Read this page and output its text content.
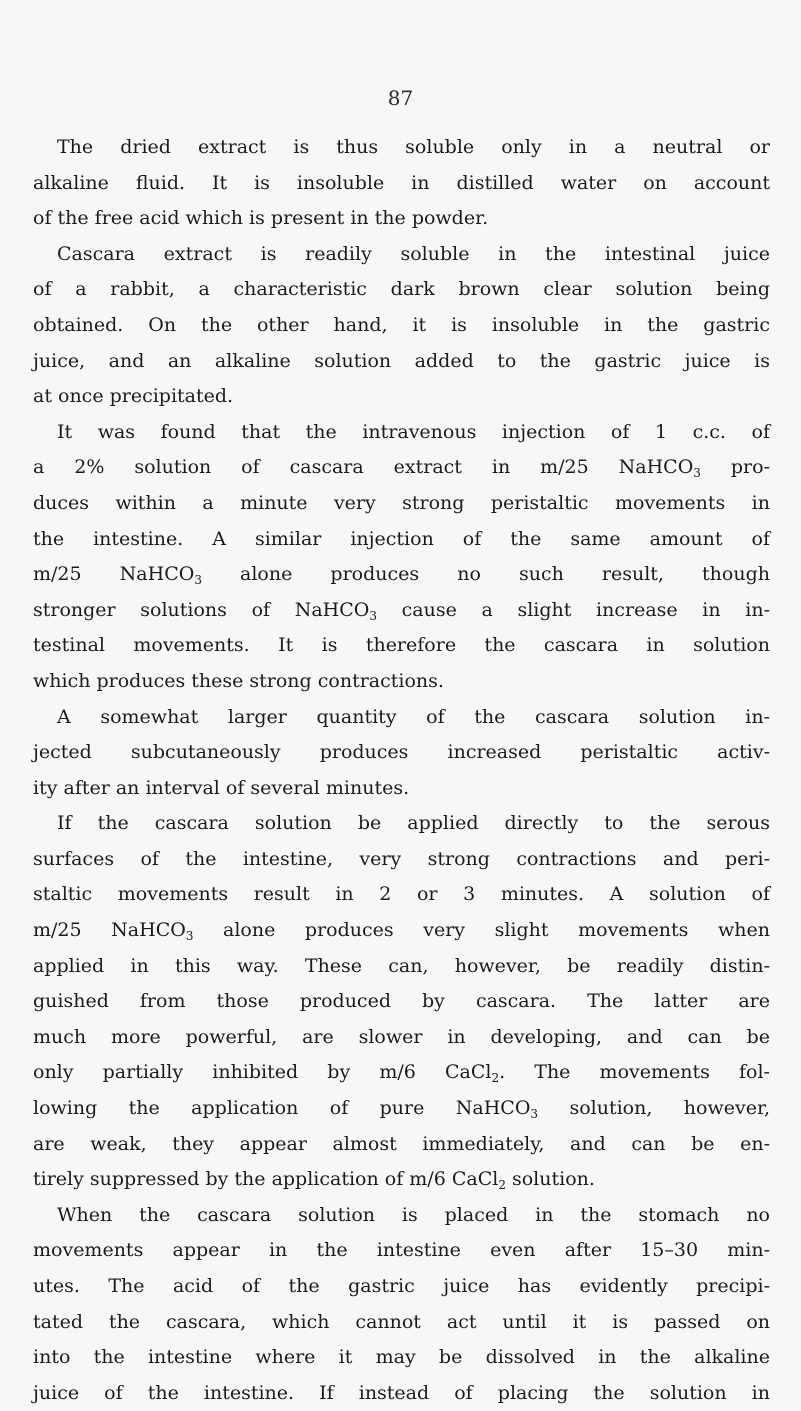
87
The dried extract is thus soluble only in a neutral or
alkaline fluid. It is insoluble in distilled water on account
of the free acid which is present in the powder.
Cascara extract is readily soluble in the intestinal juice
of a rabbit, a characteristic dark brown clear solution being
obtained. On the other hand, it is insoluble in the gastric
juice, and an alkaline solution added to the gastric juice is
at once precipitated.
It was found that the intravenous injection of 1 c.c. of
a 2% solution of cascara extract in m/25 NaHCO$_3$ pro-
duces within a minute very strong peristaltic movements in
the intestine. A similar injection of the same amount of
m/25 NaHCO$_3$ alone produces no such result, though
stronger solutions of NaHCO$_3$ cause a slight increase in in-
testinal movements. It is therefore the cascara in solution
which produces these strong contractions.
A somewhat larger quantity of the cascara solution in-
jected subcutaneously produces increased peristaltic activ-
ity after an interval of several minutes.
If the cascara solution be applied directly to the serous
surfaces of the intestine, very strong contractions and peri-
staltic movements result in 2 or 3 minutes. A solution of
m/25 NaHCO$_3$ alone produces very slight movements when
applied in this way. These can, however, be readily distin-
guished from those produced by cascara. The latter are
much more powerful, are slower in developing, and can be
only partially inhibited by m/6 CaCl$_2$. The movements fol-
lowing the application of pure NaHCO$_3$ solution, however,
are weak, they appear almost immediately, and can be en-
tirely suppressed by the application of m/6 CaCl$_2$ solution.
When the cascara solution is placed in the stomach no
movements appear in the intestine even after 15–30 min-
utes. The acid of the gastric juice has evidently precipi-
tated the cascara, which cannot act until it is passed on
into the intestine where it may be dissolved in the alkaline
juice of the intestine. If instead of placing the solution in
